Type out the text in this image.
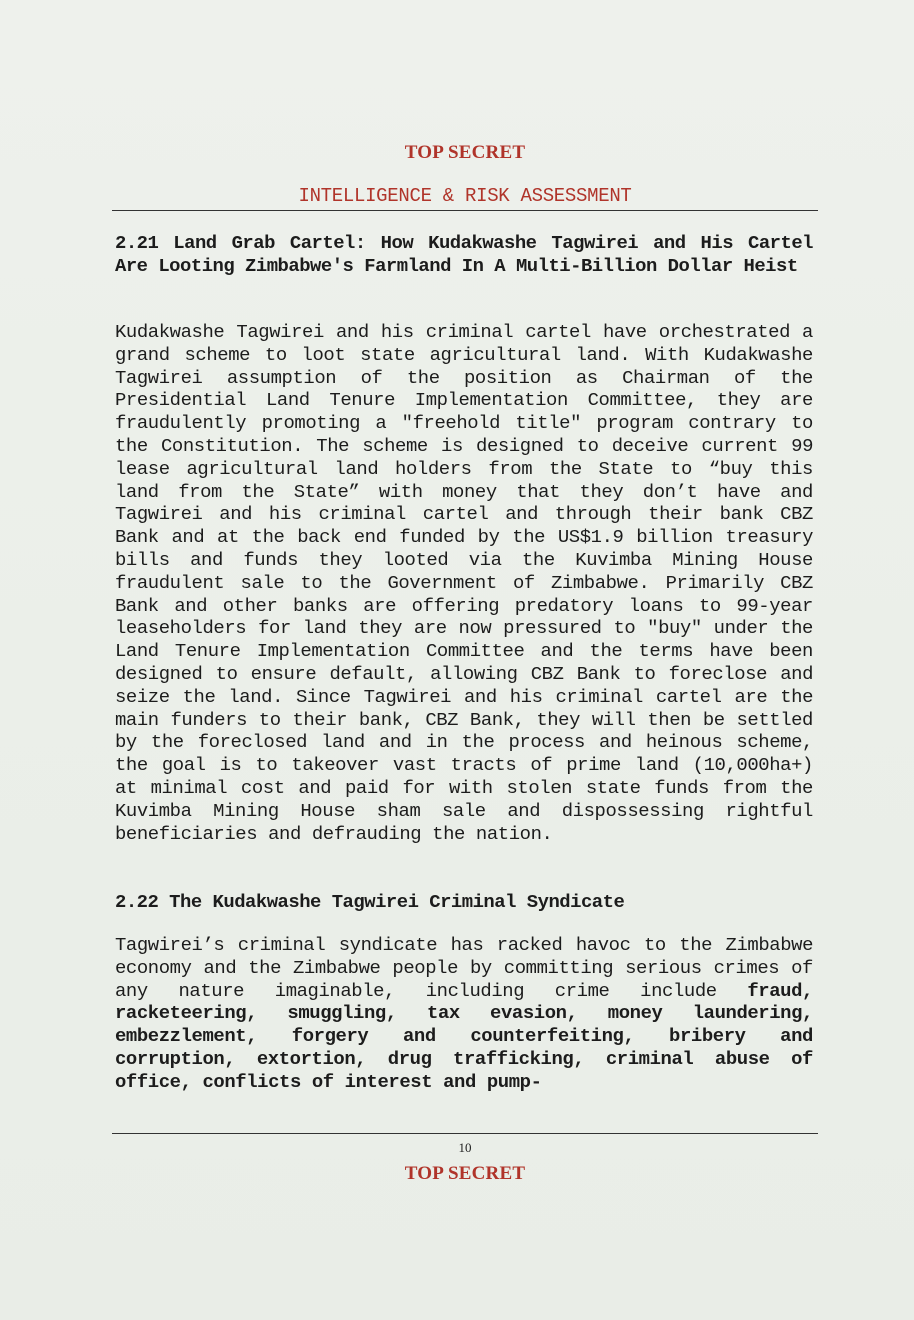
TOP SECRET
INTELLIGENCE & RISK ASSESSMENT

2.21 Land Grab Cartel: How Kudakwashe Tagwirei and His Cartel Are Looting Zimbabwe's Farmland In A Multi-Billion Dollar Heist

Kudakwashe Tagwirei and his criminal cartel have orchestrated a grand scheme to loot state agricultural land. With Kudakwashe Tagwirei assumption of the position as Chairman of the Presidential Land Tenure Implementation Committee, they are fraudulently promoting a "freehold title" program contrary to the Constitution. The scheme is designed to deceive current 99 lease agricultural land holders from the State to “buy this land from the State” with money that they don’t have and Tagwirei and his criminal cartel and through their bank CBZ Bank and at the back end funded by the US$1.9 billion treasury bills and funds they looted via the Kuvimba Mining House fraudulent sale to the Government of Zimbabwe. Primarily CBZ Bank and other banks are offering predatory loans to 99-year leaseholders for land they are now pressured to "buy" under the Land Tenure Implementation Committee and the terms have been designed to ensure default, allowing CBZ Bank to foreclose and seize the land. Since Tagwirei and his criminal cartel are the main funders to their bank, CBZ Bank, they will then be settled by the foreclosed land and in the process and heinous scheme, the goal is to takeover vast tracts of prime land (10,000ha+) at minimal cost and paid for with stolen state funds from the Kuvimba Mining House sham sale and dispossessing rightful beneficiaries and defrauding the nation.

2.22 The Kudakwashe Tagwirei Criminal Syndicate

Tagwirei’s criminal syndicate has racked havoc to the Zimbabwe economy and the Zimbabwe people by committing serious crimes of any nature imaginable, including crime include fraud, racketeering, smuggling, tax evasion, money laundering, embezzlement, forgery and counterfeiting, bribery and corruption, extortion, drug trafficking, criminal abuse of office, conflicts of interest and pump-

10
TOP SECRET
